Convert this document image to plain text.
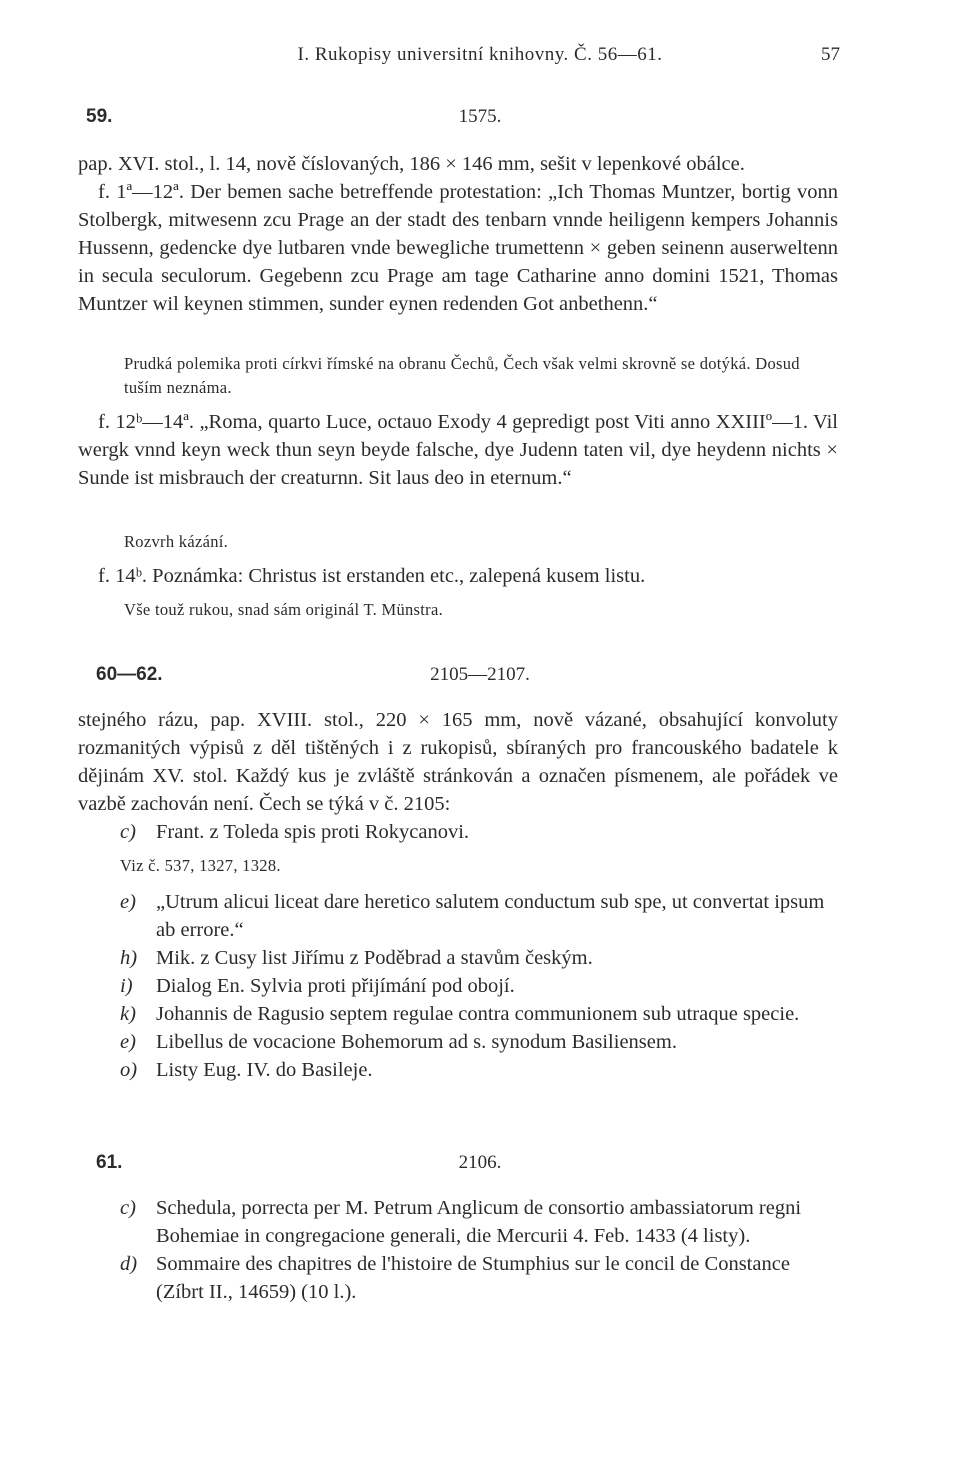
I. Rukopisy universitní knihovny. Č. 56—61.	57
59.	1575.

pap. XVI. stol., l. 14, nově číslovaných, 186 × 146 mm, sešit v lepenkové obálce.

f. 1ª—12ª. Der bemen sache betreffende protestation: „Ich Thomas Muntzer, bortig vonn Stolbergk, mitwesenn zcu Prage an der stadt des tenbarn vnnde heiligenn kempers Johannis Hussenn, gedencke dye lutbaren vnde bewegliche trumettenn × geben seinenn auserweltenn in secula seculorum. Gegebenn zcu Prage am tage Catharine anno domini 1521, Thomas Muntzer wil keynen stimmen, sunder eynen redenden Got anbethenn.“

Prudká polemika proti církvi římské na obranu Čechů, Čech však velmi skrovně se dotýká. Dosud tuším neznáma.

f. 12ᵇ—14ª. „Roma, quarto Luce, octauo Exody 4 gepredigt post Viti anno XXIIIº—1. Vil wergk vnnd keyn weck thun seyn beyde falsche, dye Judenn taten vil, dye heydenn nichts × Sunde ist misbrauch der creaturnn. Sit laus deo in eternum.“

Rozvrh kázání.

f. 14ᵇ. Poznámka: Christus ist erstanden etc., zalepená kusem listu.

Vše touž rukou, snad sám originál T. Münstra.
60—62.	2105—2107.
stejného rázu, pap. XVIII. stol., 220 × 165 mm, nově vázané, obsahující konvoluty rozmanitých výpisů z děl tištěných i z rukopisů, sbíraných pro francouského badatele k dějinám XV. stol. Každý kus je zvláště stránkován a označen písmenem, ale pořádek ve vazbě zachován není. Čech se týká v č. 2105:
c) Frant. z Toleda spis proti Rokycanovi.
Viz č. 537, 1327, 1328.
e) „Utrum alicui liceat dare heretico salutem conductum sub spe, ut convertat ipsum ab errore.“
h) Mik. z Cusy list Jiřímu z Poděbrad a stavům českým.
i) Dialog En. Sylvia proti přijímání pod obojí.
k) Johannis de Ragusio septem regulae contra communionem sub utraque specie.
e) Libellus de vocacione Bohemorum ad s. synodum Basiliensem.
o) Listy Eug. IV. do Basileje.
61.	2106.
c) Schedula, porrecta per M. Petrum Anglicum de consortio ambassiatorum regni Bohemiae in congregacione generali, die Mercurii 4. Feb. 1433 (4 listy).
d) Sommaire des chapitres de l'histoire de Stumphius sur le concil de Constance (Zíbrt II., 14659) (10 l.).
